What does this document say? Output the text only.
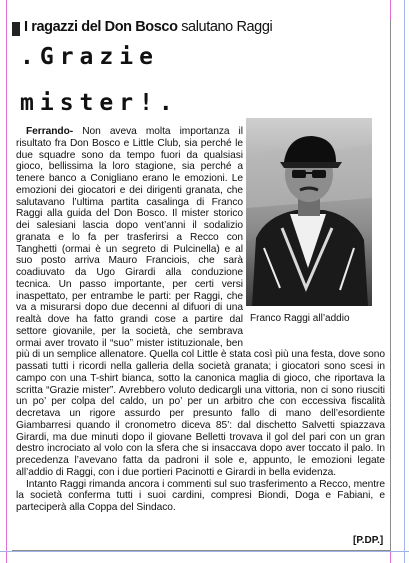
I ragazzi del Don Bosco salutano Raggi
.Grazie
mister!.
Franco Raggi all’addio

Ferrando- Non aveva molta importanza il risultato fra Don Bosco e Little Club, sia perché le due squadre sono da tempo fuori da qualsiasi gioco, bellissima la loro stagione, sia perché a tenere banco a Conigliano erano le emozioni. Le emozioni dei giocatori e dei dirigenti granata, che salutavano l’ultima partita casalinga di Franco Raggi alla guida del Don Bosco. Il mister storico dei salesiani lascia dopo vent’anni il sodalizio granata e lo fa per trasferirsi a Recco con Tanghetti (ormai è un segreto di Pulcinella) e al suo posto arriva Mauro Franciois, che sarà coadiuvato da Ugo Girardi alla conduzione tecnica. Un passo importante, per certi versi inaspettato, per entrambe le parti: per Raggi, che va a misurarsi dopo due decenni al difuori di una realtà dove ha fatto grandi cose a partire dal settore giovanile, per la società, che sembrava ormai aver trovato il “suo” mister istituzionale, ben più di un semplice allenatore. Quella col Little è stata così più una festa, dove sono passati tutti i ricordi nella galleria della società granata; i giocatori sono scesi in campo con una T-shirt bianca, sotto la canonica maglia di gioco, che riportava la scritta “Grazie mister”. Avrebbero voluto dedicargli una vittoria, non ci sono riusciti un po’ per colpa del caldo, un po’ per un arbitro che con eccessiva fiscalità decretava un rigore assurdo per presunto fallo di mano dell’esordiente Giambarresi quando il cronometro diceva 85’: dal dischetto Salvetti spiazzava Girardi, ma due minuti dopo il giovane Belletti trovava il gol del pari con un gran destro incrociato al volo con la sfera che si insaccava dopo aver toccato il palo. In precedenza l’avevano fatta da padroni il sole e, appunto, le emozioni legate all’addio di Raggi, con i due portieri Pacinotti e Girardi in bella evidenza.

Intanto Raggi rimanda ancora i commenti sul suo trasferimento a Recco, mentre la società conferma tutti i suoi cardini, compresi Biondi, Doga e Fabiani, e parteciperà alla Coppa del Sindaco.

[P.DP.]
